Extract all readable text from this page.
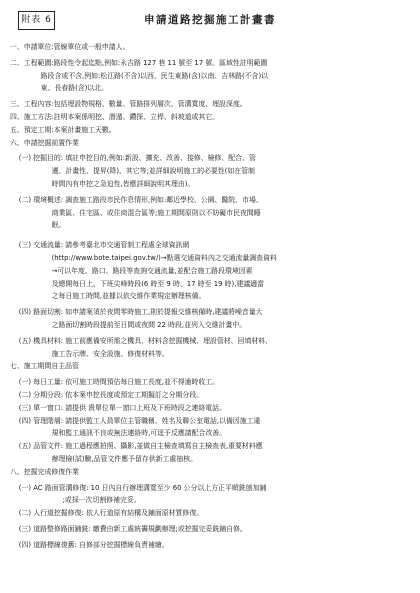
附表 6	申請道路挖掘施工計畫書
一、申請單位:管線單位或一般申請人。
二、工程範圍:路段性令起迄點,例如:永吉路 127 巷 11 號至 17 號。區域性註明範圍
路段含或不含,例如:松江路(不含)以西、民生東路(含)以南、吉林路(不含)以
東、長春路(含)以北。
三、工程內容:包括埋設物規格、數量、管路排列層次、管溝寬度、埋設深度。
四、施工方法:註明本案係明挖、潛遁、鑽探、立桿、斜坡道或其它。
五、預定工期:本案計畫施工天數。
六、申請挖掘前置作業
(一) 挖掘目的: 填註申挖目的,例如:新設、擴充、改善、接修、檢修、配合、管
遷、計畫性、提昇(降)、其它等;並詳細說明施工的必要性(如在管制
時間內有申挖之急迫性,皆應詳細說明其理由)。
(二) 環境概述: 調查施工路段市民作息情形,例如:鄰近學校、公園、醫院、市場、
商業區、住宅區、或住商混合區等;施工期間原則以不妨礙市民夜間睡
眠。
(三) 交通流量: 請參考臺北市交通管制工程處全球資訊網
(http://www.bote.taipei.gov.tw/)→點選交通資料內之交通流量調查資料
→可以年度、路口、路段等查詢交通流量,並配合施工路段環境因素
及總開每日上、下班尖峰時段(6 時至 9 時、17 時至 19 時),建議適當
之每日施工時間,並據以依交維作業規定辦理核備。
(四) 路面切割: 如申請案須於夜間零時施工,則於提報交維核備時,建議將噪音量大
之路面切割時段提前至日間或夜間 22 時段,並列入交維計畫中。
(五) 機具材料: 施工前應備安所需之機具、材料含挖掘機械、埋設管材、回填材料、
施工告示牌、安全設施、修復材料等。
七、施工期間自主品管
(一) 每日工量: 依可施工時間預估每日施工長度,並不得逾時收工。
(二) 分期分段: 依本案申挖長度或預定工期擬訂之分期分段。
(三) 單一窗口: 請提供 貴單位單一窗口上班及下班時段之連絡電話。
(四) 管理階層: 請提供監工人員單位主管職稱、姓名及聯公室電話,以備因施工違
規和監工通訊不良或無法連絡時,可逕予反應請配合改善。
(五) 品管文件: 施工過程應拍照、攝影,並做自主檢查填寫自主檢查表,重要材料應
辦理檢(試)驗,品管文件應予留存供新工處抽核。
八、挖掘完成修復作業
(一) AC 路面管溝修復: 10 日內自行辦理溝寬至少 60 公分以上方正平順銑刨加鋪
;或採一次切割修補完妥。
(二) 人行道挖掘修復: 依人行道原有結構及鋪面原材質修復。
(三) 道路整修路面鋪銑: 繳費由新工處統籌規劃辦理;或挖掘完妥銑鋪自修。
(四) 道路標線復舊: 自修部分挖掘標線負責補繪。
